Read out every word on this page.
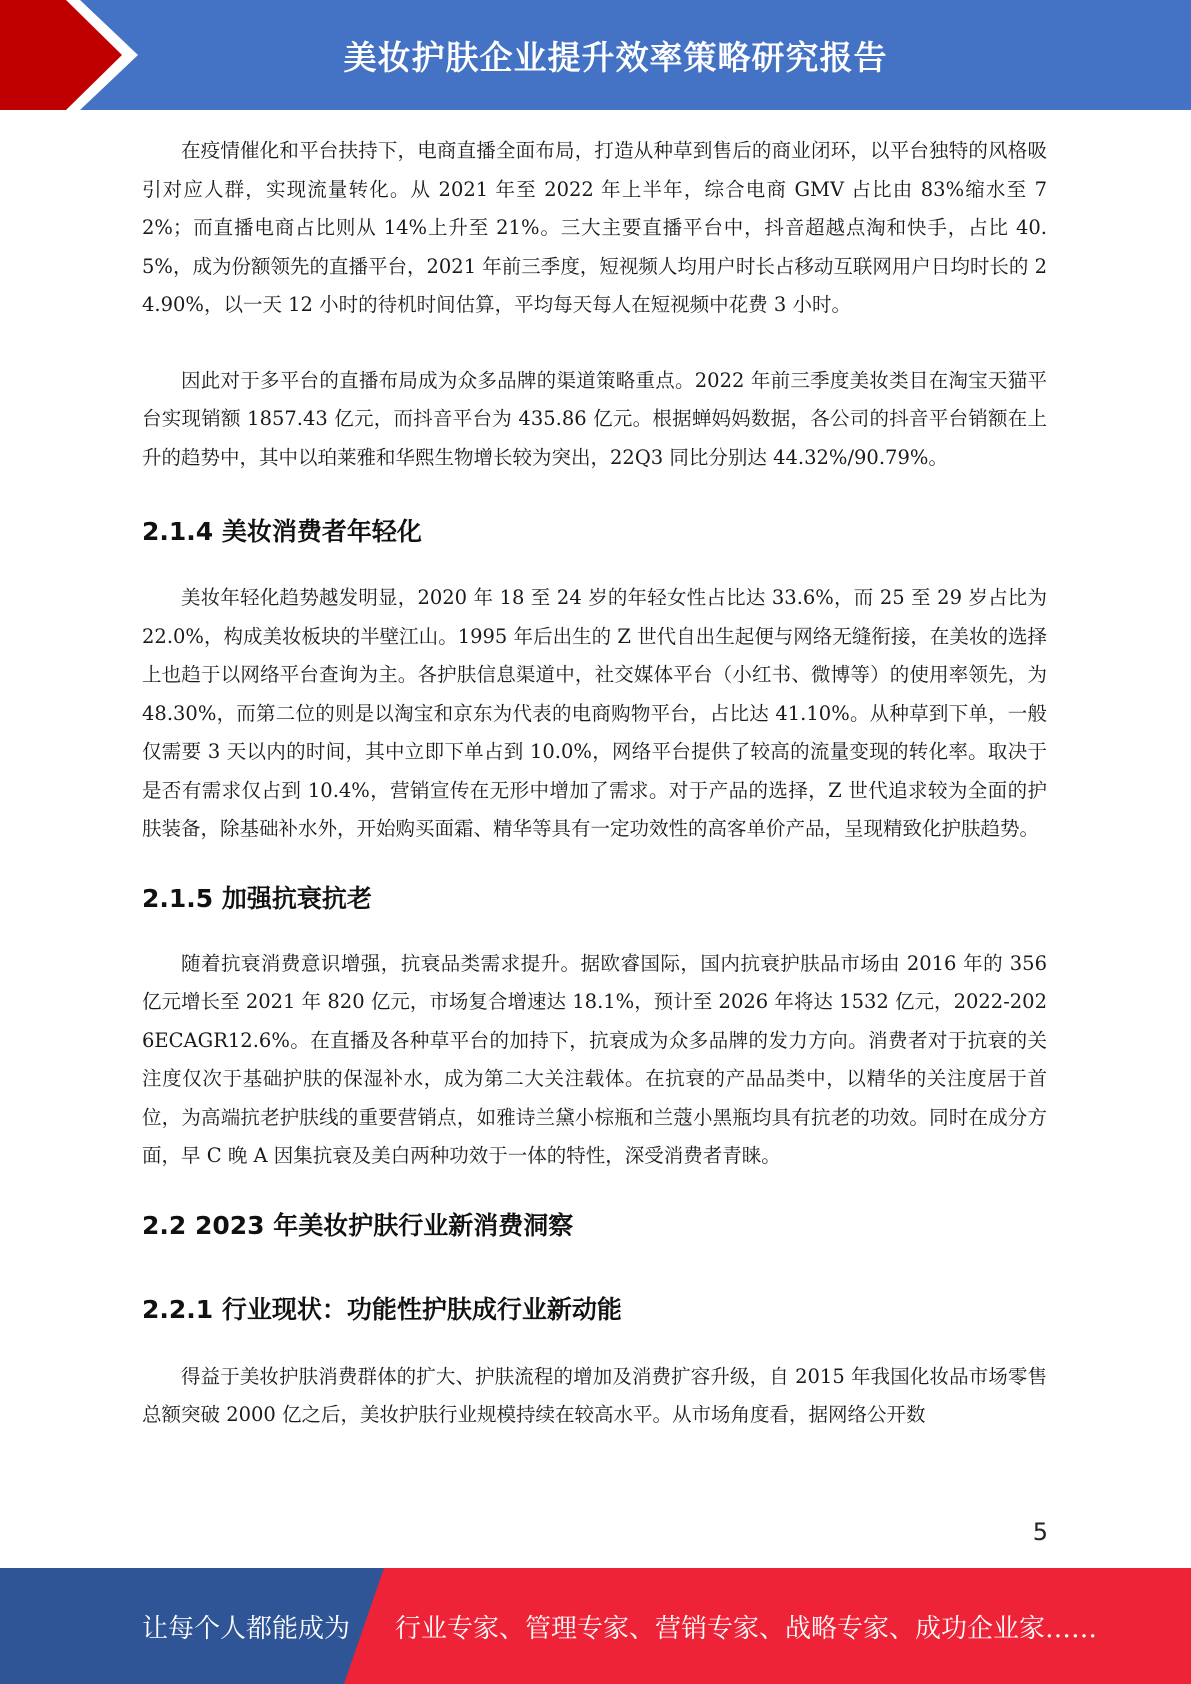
美妆护肤企业提升效率策略研究报告

在疫情催化和平台扶持下，电商直播全面布局，打造从种草到售后的商业闭环，以平台独特的风格吸引对应人群，实现流量转化。从 2021 年至 2022 年上半年，综合电商 GMV 占比由 83%缩水至 72%；而直播电商占比则从 14%上升至 21%。三大主要直播平台中，抖音超越点淘和快手，占比 40.5%，成为份额领先的直播平台，2021 年前三季度，短视频人均用户时长占移动互联网用户日均时长的 24.90%，以一天 12 小时的待机时间估算，平均每天每人在短视频中花费 3 小时。

因此对于多平台的直播布局成为众多品牌的渠道策略重点。2022 年前三季度美妆类目在淘宝天猫平台实现销额 1857.43 亿元，而抖音平台为 435.86 亿元。根据蝉妈妈数据，各公司的抖音平台销额在上升的趋势中，其中以珀莱雅和华熙生物增长较为突出，22Q3 同比分别达 44.32%/90.79%。

2.1.4 美妆消费者年轻化

美妆年轻化趋势越发明显，2020 年 18 至 24 岁的年轻女性占比达 33.6%，而 25 至 29 岁占比为 22.0%，构成美妆板块的半壁江山。1995 年后出生的 Z 世代自出生起便与网络无缝衔接，在美妆的选择上也趋于以网络平台查询为主。各护肤信息渠道中，社交媒体平台（小红书、微博等）的使用率领先，为 48.30%，而第二位的则是以淘宝和京东为代表的电商购物平台，占比达 41.10%。从种草到下单，一般仅需要 3 天以内的时间，其中立即下单占到 10.0%，网络平台提供了较高的流量变现的转化率。取决于是否有需求仅占到 10.4%，营销宣传在无形中增加了需求。对于产品的选择，Z 世代追求较为全面的护肤装备，除基础补水外，开始购买面霜、精华等具有一定功效性的高客单价产品，呈现精致化护肤趋势。

2.1.5 加强抗衰抗老

随着抗衰消费意识增强，抗衰品类需求提升。据欧睿国际，国内抗衰护肤品市场由 2016 年的 356 亿元增长至 2021 年 820 亿元，市场复合增速达 18.1%，预计至 2026 年将达 1532 亿元，2022-2026ECAGR12.6%。在直播及各种草平台的加持下，抗衰成为众多品牌的发力方向。消费者对于抗衰的关注度仅次于基础护肤的保湿补水，成为第二大关注载体。在抗衰的产品品类中，以精华的关注度居于首位，为高端抗老护肤线的重要营销点，如雅诗兰黛小棕瓶和兰蔻小黑瓶均具有抗老的功效。同时在成分方面，早 C 晚 A 因集抗衰及美白两种功效于一体的特性，深受消费者青睐。

2.2 2023 年美妆护肤行业新消费洞察
2.2.1 行业现状：功能性护肤成行业新动能

得益于美妆护肤消费群体的扩大、护肤流程的增加及消费扩容升级，自 2015 年我国化妆品市场零售总额突破 2000 亿之后，美妆护肤行业规模持续在较高水平。从市场角度看，据网络公开数

5
让每个人都能成为 行业专家、管理专家、营销专家、战略专家、成功企业家……
